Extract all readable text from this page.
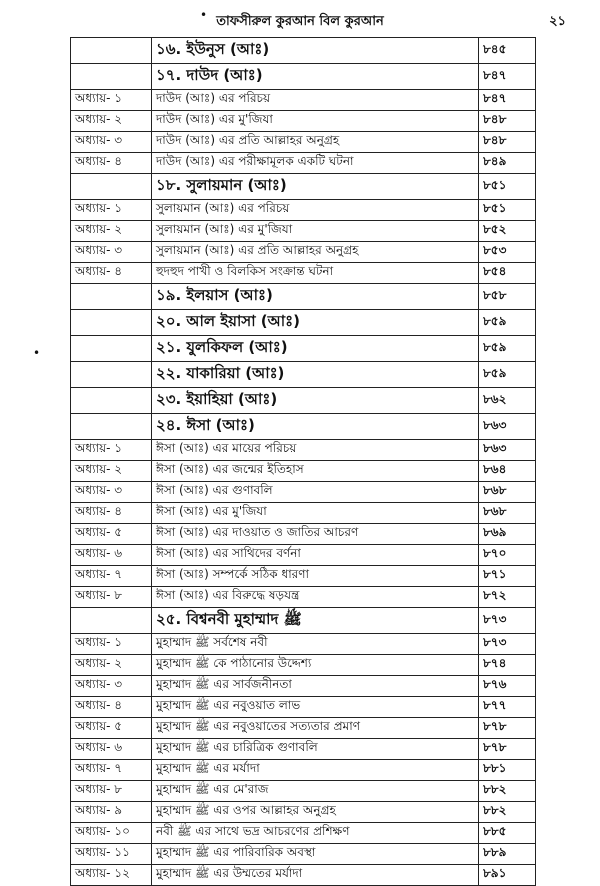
• তাফসীরুল কুরআন বিল কুরআন	২১
•
	১৬. ইউনুস (আঃ)	৮৪৫
	১৭. দাউদ (আঃ)	৮৪৭
অধ্যায়- ১	দাউদ (আঃ) এর পরিচয়	৮৪৭
অধ্যায়- ২	দাউদ (আঃ) এর মু'জিযা	৮৪৮
অধ্যায়- ৩	দাউদ (আঃ) এর প্রতি আল্লাহর অনুগ্রহ	৮৪৮
অধ্যায়- ৪	দাউদ (আঃ) এর পরীক্ষামূলক একটি ঘটনা	৮৪৯
	১৮. সুলায়মান (আঃ)	৮৫১
অধ্যায়- ১	সুলায়মান (আঃ) এর পরিচয়	৮৫১
অধ্যায়- ২	সুলায়মান (আঃ) এর মু'জিযা	৮৫২
অধ্যায়- ৩	সুলায়মান (আঃ) এর প্রতি আল্লাহর অনুগ্রহ	৮৫৩
অধ্যায়- ৪	হুদহুদ পাখী ও বিলকিস সংক্রান্ত ঘটনা	৮৫৪
	১৯. ইলয়াস (আঃ)	৮৫৮
	২০. আল ইয়াসা (আঃ)	৮৫৯
	২১. যুলকিফল (আঃ)	৮৫৯
	২২. যাকারিয়া (আঃ)	৮৫৯
	২৩. ইয়াহিয়া (আঃ)	৮৬২
	২৪. ঈসা (আঃ)	৮৬৩
অধ্যায়- ১	ঈসা (আঃ) এর মায়ের পরিচয়	৮৬৩
অধ্যায়- ২	ঈসা (আঃ) এর জন্মের ইতিহাস	৮৬৪
অধ্যায়- ৩	ঈসা (আঃ) এর গুণাবলি	৮৬৮
অধ্যায়- ৪	ঈসা (আঃ) এর মু'জিযা	৮৬৮
অধ্যায়- ৫	ঈসা (আঃ) এর দাওয়াত ও জাতির আচরণ	৮৬৯
অধ্যায়- ৬	ঈসা (আঃ) এর সাথিদের বর্ণনা	৮৭০
অধ্যায়- ৭	ঈসা (আঃ) সম্পর্কে সঠিক ধারণা	৮৭১
অধ্যায়- ৮	ঈসা (আঃ) এর বিরুদ্ধে ষড়যন্ত্র	৮৭২
	২৫. বিশ্বনবী মুহাম্মাদ ﷺ	৮৭৩
অধ্যায়- ১	মুহাম্মাদ ﷺ সর্বশেষ নবী	৮৭৩
অধ্যায়- ২	মুহাম্মাদ ﷺ কে পাঠানোর উদ্দেশ্য	৮৭৪
অধ্যায়- ৩	মুহাম্মাদ ﷺ এর সার্বজনীনতা	৮৭৬
অধ্যায়- ৪	মুহাম্মাদ ﷺ এর নবুওয়াত লাভ	৮৭৭
অধ্যায়- ৫	মুহাম্মাদ ﷺ এর নবুওয়াতের সত্যতার প্রমাণ	৮৭৮
অধ্যায়- ৬	মুহাম্মাদ ﷺ এর চারিত্রিক গুণাবলি	৮৭৮
অধ্যায়- ৭	মুহাম্মাদ ﷺ এর মর্যাদা	৮৮১
অধ্যায়- ৮	মুহাম্মাদ ﷺ এর মে'রাজ	৮৮২
অধ্যায়- ৯	মুহাম্মাদ ﷺ এর ওপর আল্লাহর অনুগ্রহ	৮৮২
অধ্যায়- ১০	নবী ﷺ এর সাথে ভদ্র আচরণের প্রশিক্ষণ	৮৮৫
অধ্যায়- ১১	মুহাম্মাদ ﷺ এর পারিবারিক অবস্থা	৮৮৯
অধ্যায়- ১২	মুহাম্মাদ ﷺ এর উম্মতের মর্যাদা	৮৯১
